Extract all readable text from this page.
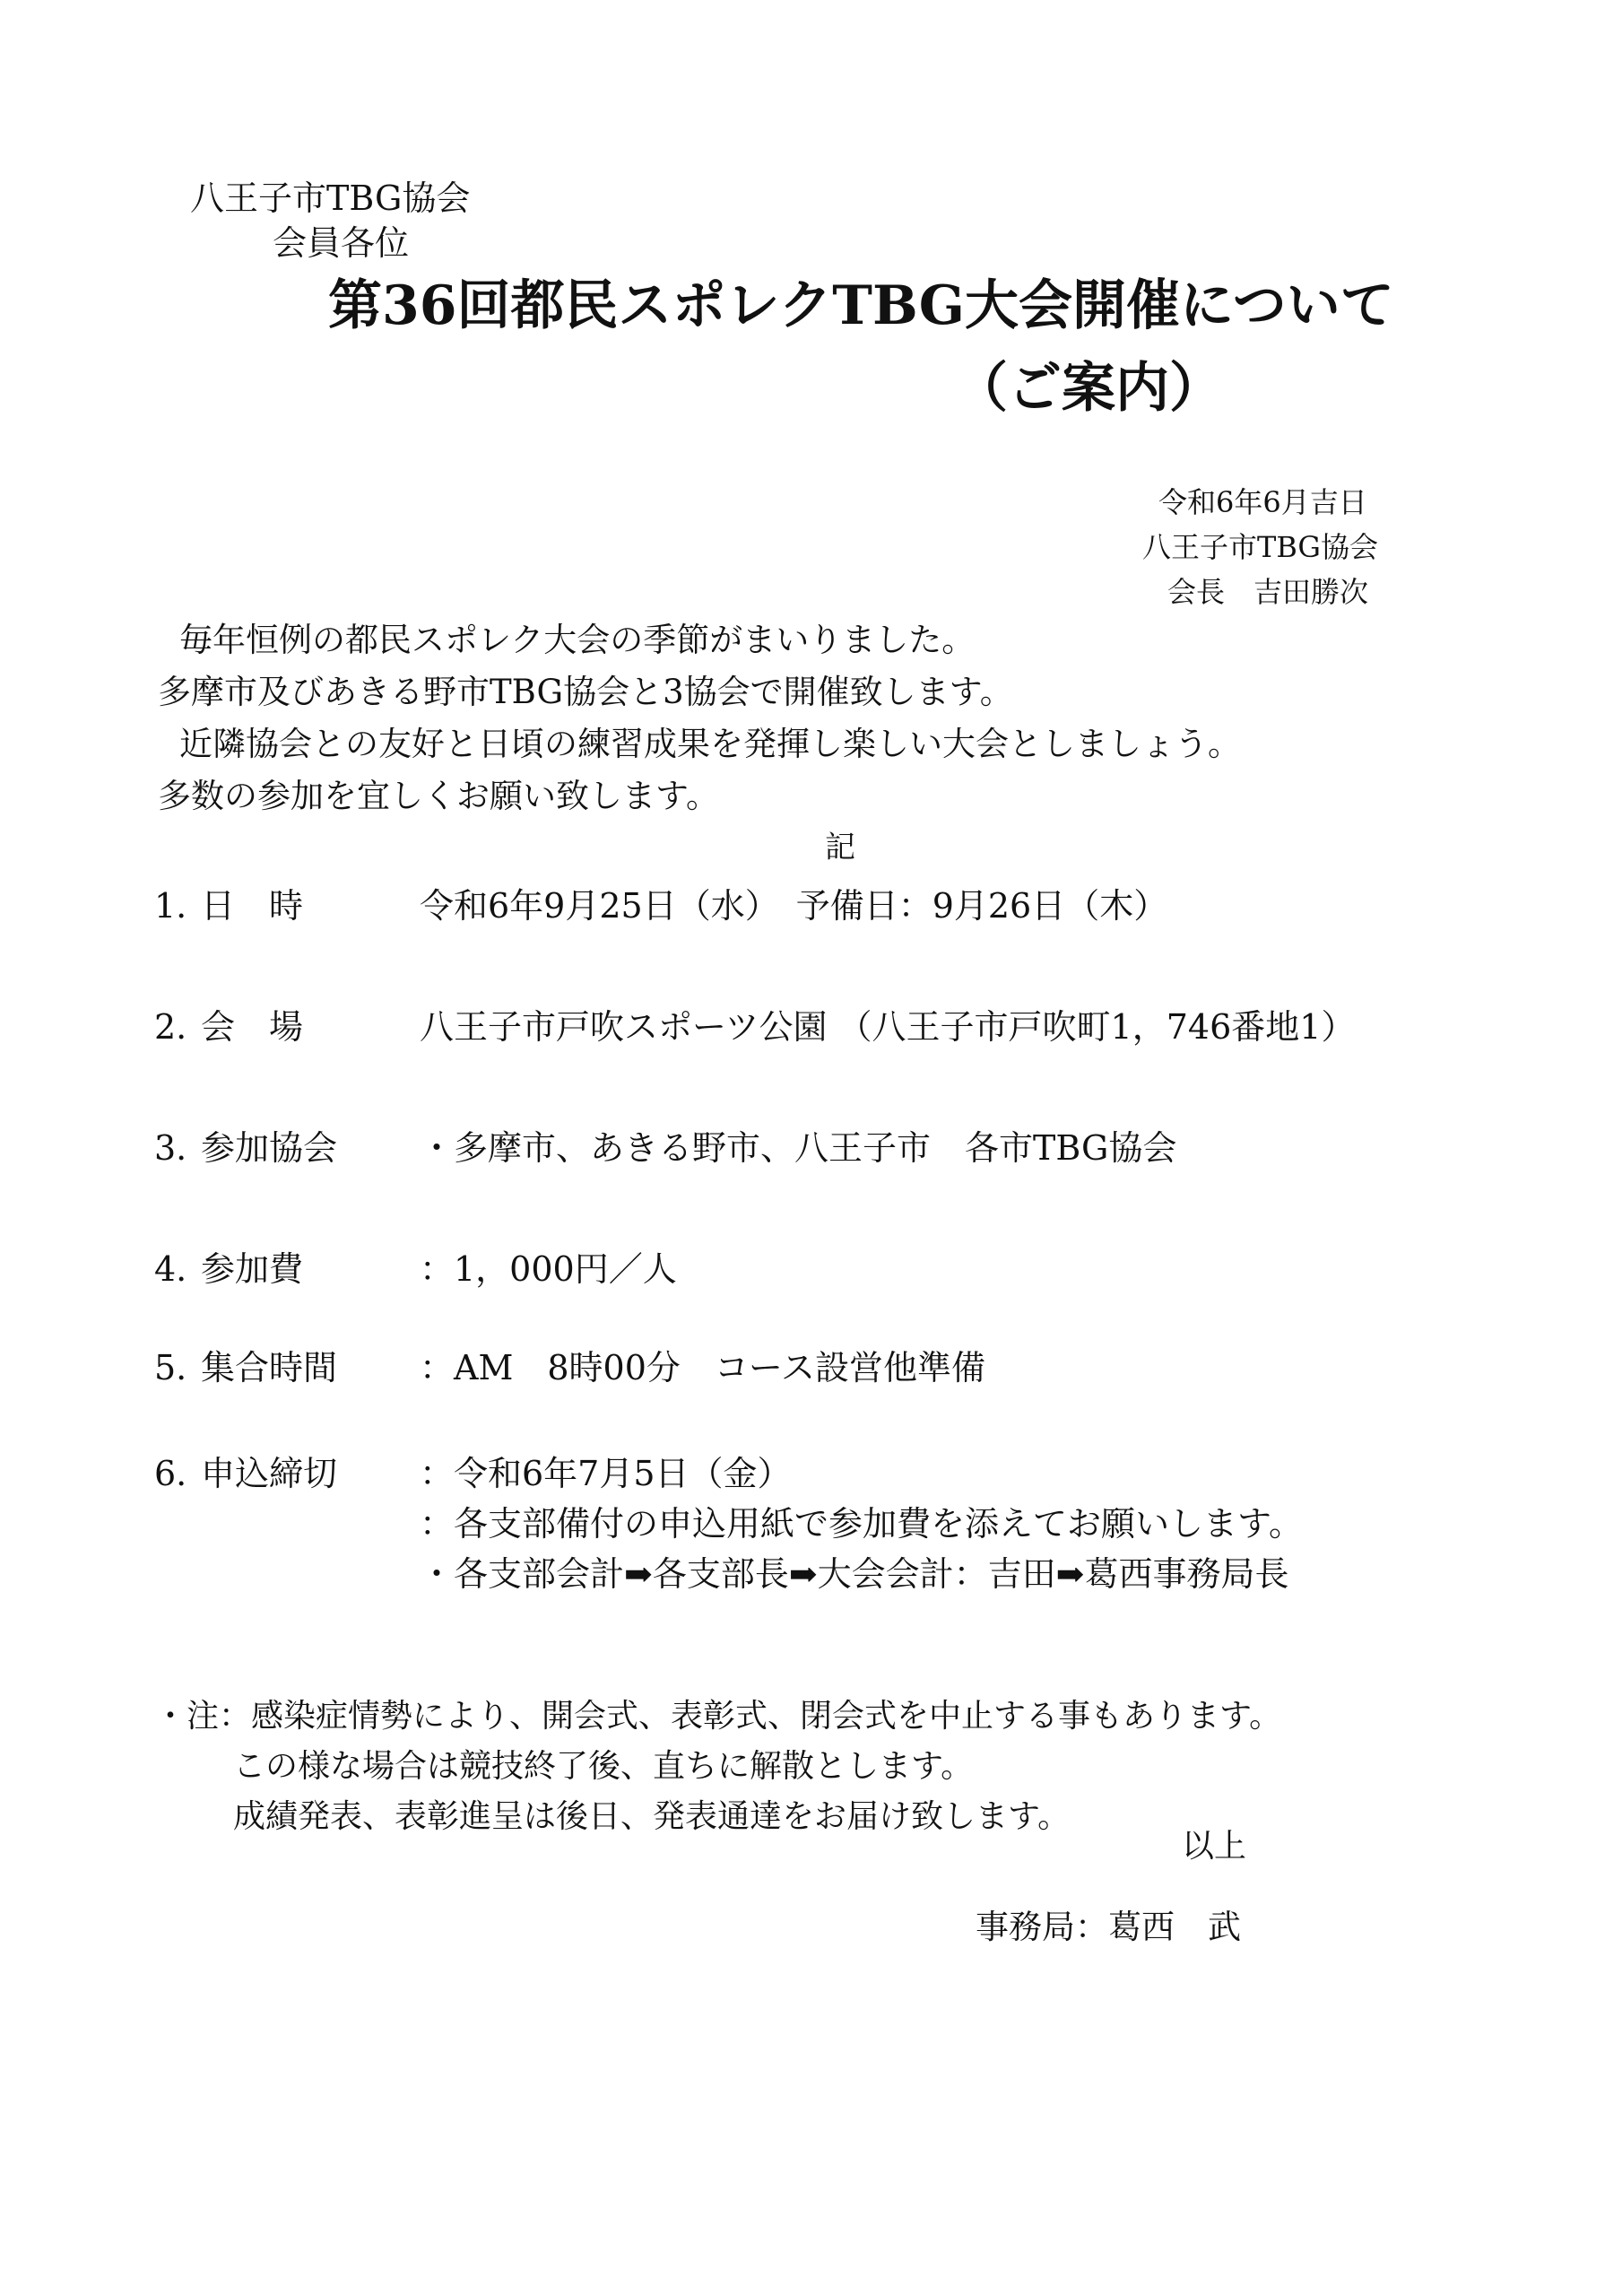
八王子市TBG協会
会員各位
第36回都民スポレクTBG大会開催について
（ご案内）
令和6年6月吉日
八王子市TBG協会
会長　吉田勝次
毎年恒例の都民スポレク大会の季節がまいりました。
多摩市及びあきる野市TBG協会と3協会で開催致します。
近隣協会との友好と日頃の練習成果を発揮し楽しい大会としましょう。
多数の参加を宜しくお願い致します。
記
1. 日　時	令和6年9月25日（水）　予備日：9月26日（木）
2. 会　場	八王子市戸吹スポーツ公園 （八王子市戸吹町1，746番地1）
3. 参加協会 ・多摩市、あきる野市、八王子市　各市TBG協会
4. 参加費	：1，000円／人
5. 集合時間 ：AM　8時00分　コース設営他準備
6. 申込締切 ：令和6年7月5日（金）
：各支部備付の申込用紙で参加費を添えてお願いします。
・各支部会計➡各支部長➡大会会計：吉田➡葛西事務局長
・注：感染症情勢により、開会式、表彰式、閉会式を中止する事もあります。
この様な場合は競技終了後、直ちに解散とします。
成績発表、表彰進呈は後日、発表通達をお届け致します。
以上
事務局：葛西　武
